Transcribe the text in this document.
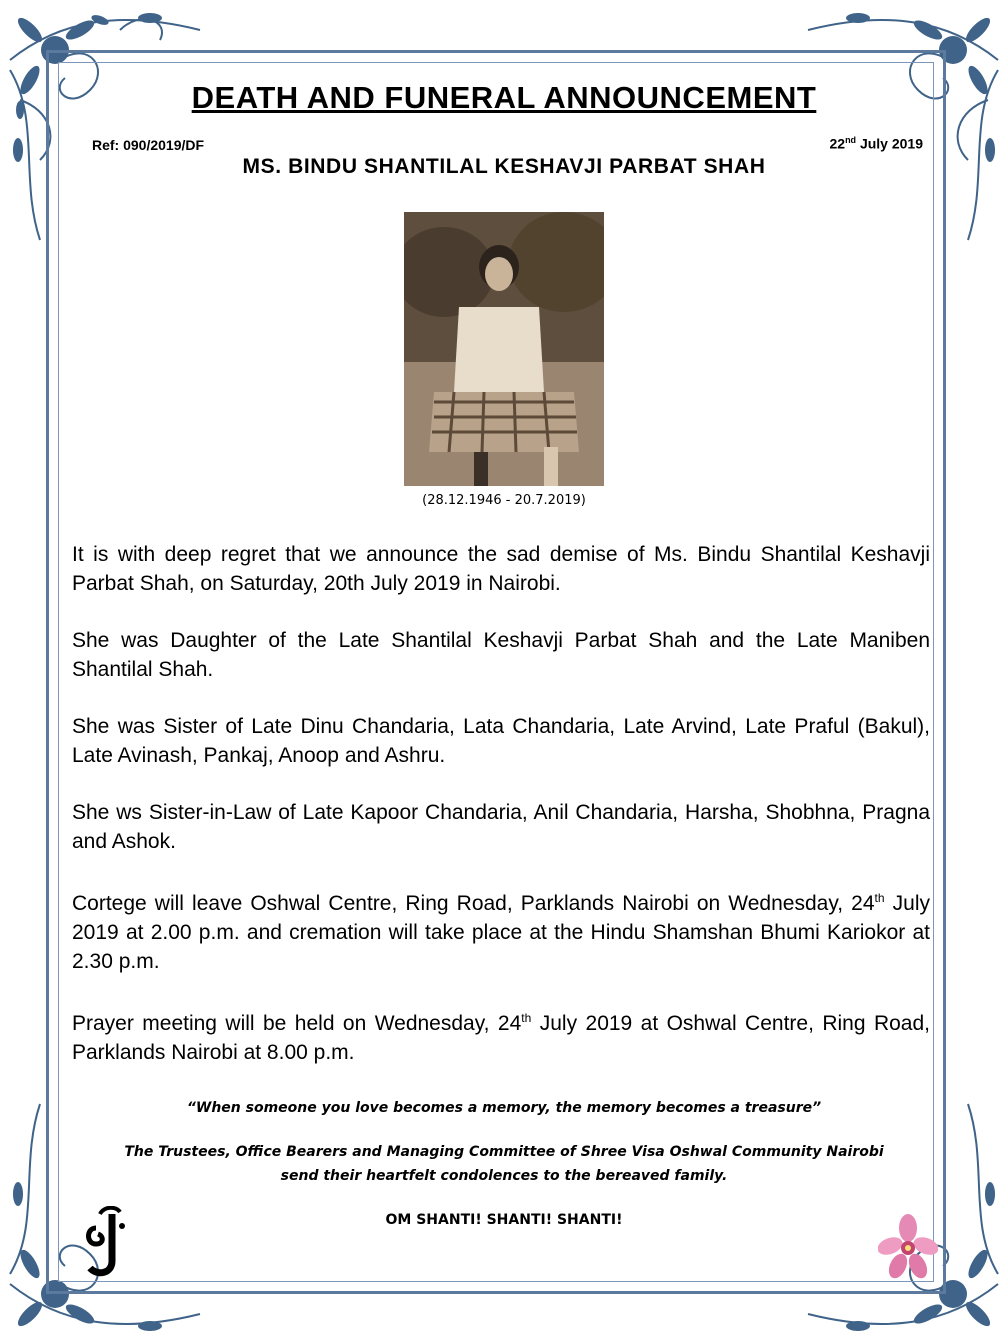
DEATH AND FUNERAL ANNOUNCEMENT
Ref: 090/2019/DF	22nd July 2019
MS. BINDU SHANTILAL KESHAVJI PARBAT SHAH
(28.12.1946 - 20.7.2019)

It is with deep regret that we announce the sad demise of Ms. Bindu Shantilal Keshavji Parbat Shah, on Saturday, 20th July 2019 in Nairobi.

She was Daughter of the Late Shantilal Keshavji Parbat Shah and the Late Maniben Shantilal Shah.

She was Sister of Late Dinu Chandaria, Lata Chandaria, Late Arvind, Late Praful (Bakul), Late Avinash, Pankaj, Anoop and Ashru.

She ws Sister-in-Law of Late Kapoor Chandaria, Anil Chandaria, Harsha, Shobhna, Pragna and Ashok.

Cortege will leave Oshwal Centre, Ring Road, Parklands Nairobi on Wednesday, 24th July 2019 at 2.00 p.m. and cremation will take place at the Hindu Shamshan Bhumi Kariokor at 2.30 p.m.

Prayer meeting will be held on Wednesday, 24th July 2019 at Oshwal Centre, Ring Road, Parklands Nairobi at 8.00 p.m.

“When someone you love becomes a memory, the memory becomes a treasure”
The Trustees, Office Bearers and Managing Committee of Shree Visa Oshwal Community Nairobi
send their heartfelt condolences to the bereaved family.
OM SHANTI! SHANTI! SHANTI!
